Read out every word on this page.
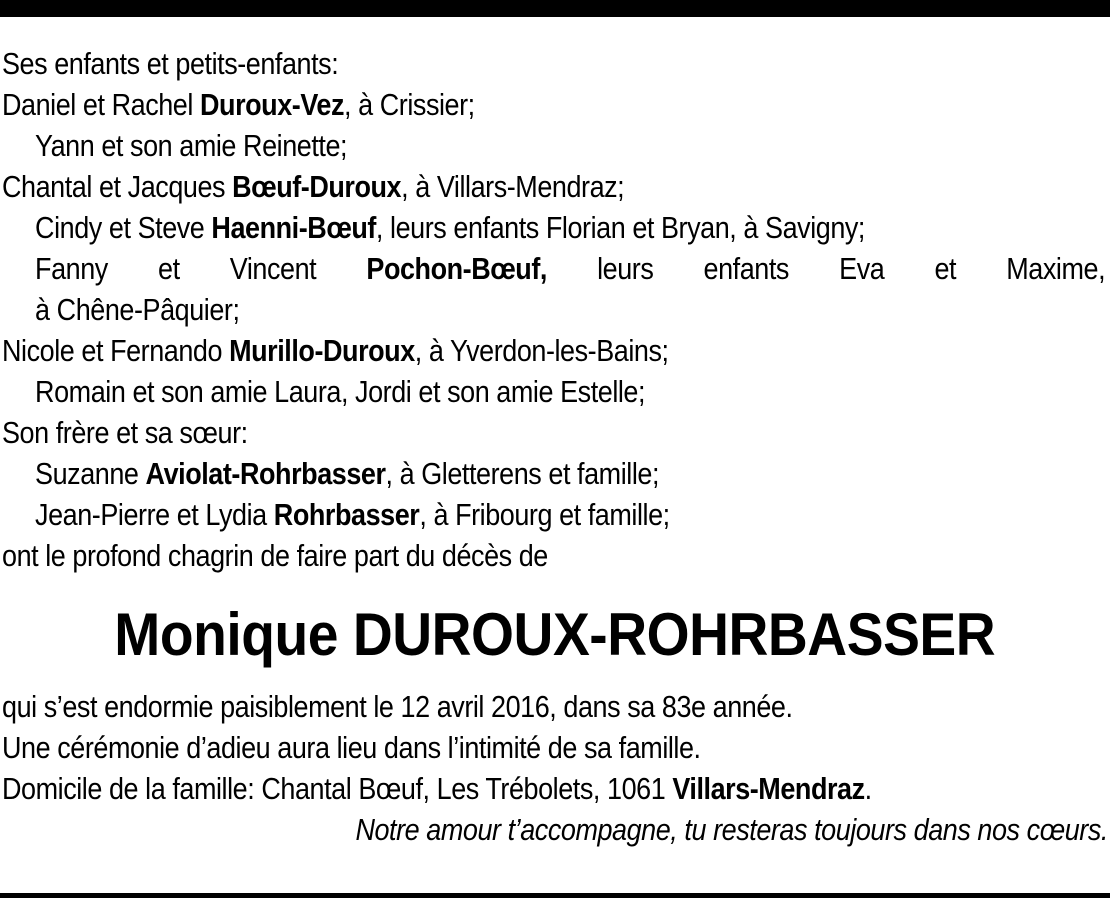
Ses enfants et petits-enfants:
Daniel et Rachel Duroux-Vez, à Crissier;
Yann et son amie Reinette;
Chantal et Jacques Bœuf-Duroux, à Villars-Mendraz;
Cindy et Steve Haenni-Bœuf, leurs enfants Florian et Bryan, à Savigny;
Fanny et Vincent Pochon-Bœuf, leurs enfants Eva et Maxime,
à Chêne-Pâquier;
Nicole et Fernando Murillo-Duroux, à Yverdon-les-Bains;
Romain et son amie Laura, Jordi et son amie Estelle;
Son frère et sa sœur:
Suzanne Aviolat-Rohrbasser, à Gletterens et famille;
Jean-Pierre et Lydia Rohrbasser, à Fribourg et famille;
ont le profond chagrin de faire part du décès de
Monique DUROUX-ROHRBASSER
qui s’est endormie paisiblement le 12 avril 2016, dans sa 83e année.
Une cérémonie d’adieu aura lieu dans l’intimité de sa famille.
Domicile de la famille: Chantal Bœuf, Les Trébolets, 1061 Villars-Mendraz.
Notre amour t’accompagne, tu resteras toujours dans nos cœurs.
